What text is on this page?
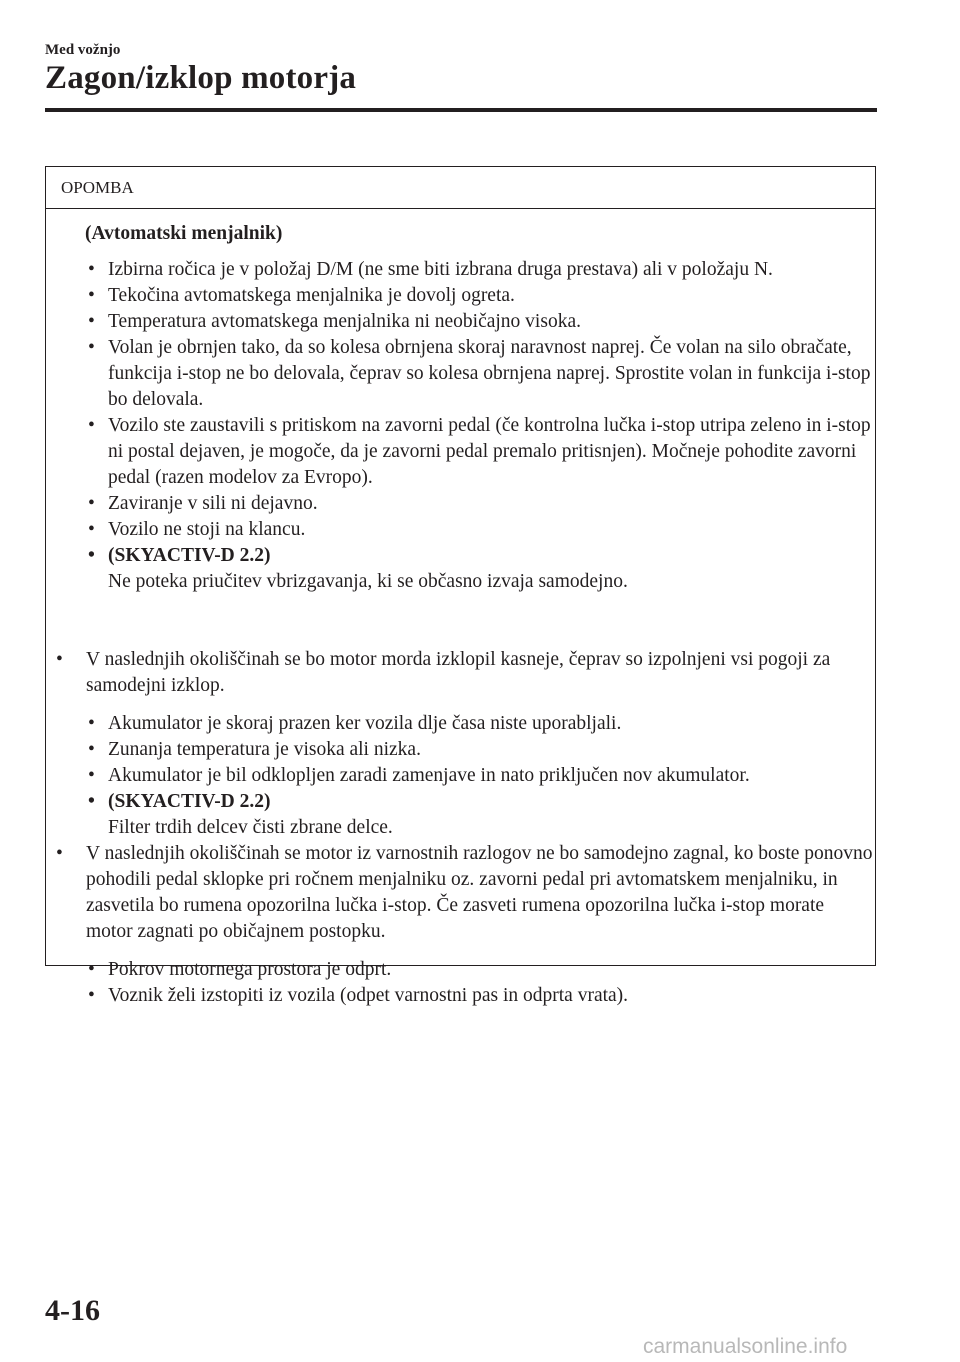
Med vožnjo
Zagon/izklop motorja
OPOMBA
(Avtomatski menjalnik)
• Izbirna ročica je v položaj D/M (ne sme biti izbrana druga prestava) ali v položaju N.
• Tekočina avtomatskega menjalnika je dovolj ogreta.
• Temperatura avtomatskega menjalnika ni neobičajno visoka.
• Volan je obrnjen tako, da so kolesa obrnjena skoraj naravnost naprej. Če volan na silo obračate, funkcija i-stop ne bo delovala, čeprav so kolesa obrnjena naprej. Sprostite volan in funkcija i-stop bo delovala.
• Vozilo ste zaustavili s pritiskom na zavorni pedal (če kontrolna lučka i-stop utripa zeleno in i-stop ni postal dejaven, je mogoče, da je zavorni pedal premalo pritisnjen). Močneje pohodite zavorni pedal (razen modelov za Evropo).
• Zaviranje v sili ni dejavno.
• Vozilo ne stoji na klancu.
• (SKYACTIV-D 2.2)
Ne poteka priučitev vbrizgavanja, ki se občasno izvaja samodejno.
• V naslednjih okoliščinah se bo motor morda izklopil kasneje, čeprav so izpolnjeni vsi pogoji za samodejni izklop.
• Akumulator je skoraj prazen ker vozila dlje časa niste uporabljali.
• Zunanja temperatura je visoka ali nizka.
• Akumulator je bil odklopljen zaradi zamenjave in nato priključen nov akumulator.
• (SKYACTIV-D 2.2)
Filter trdih delcev čisti zbrane delce.
• V naslednjih okoliščinah se motor iz varnostnih razlogov ne bo samodejno zagnal, ko boste ponovno pohodili pedal sklopke pri ročnem menjalniku oz. zavorni pedal pri avtomatskem menjalniku, in zasvetila bo rumena opozorilna lučka i-stop. Če zasveti rumena opozorilna lučka i-stop morate motor zagnati po običajnem postopku.
• Pokrov motornega prostora je odprt.
• Voznik želi izstopiti iz vozila (odpet varnostni pas in odprta vrata).
4-16
carmanualsonline.info
